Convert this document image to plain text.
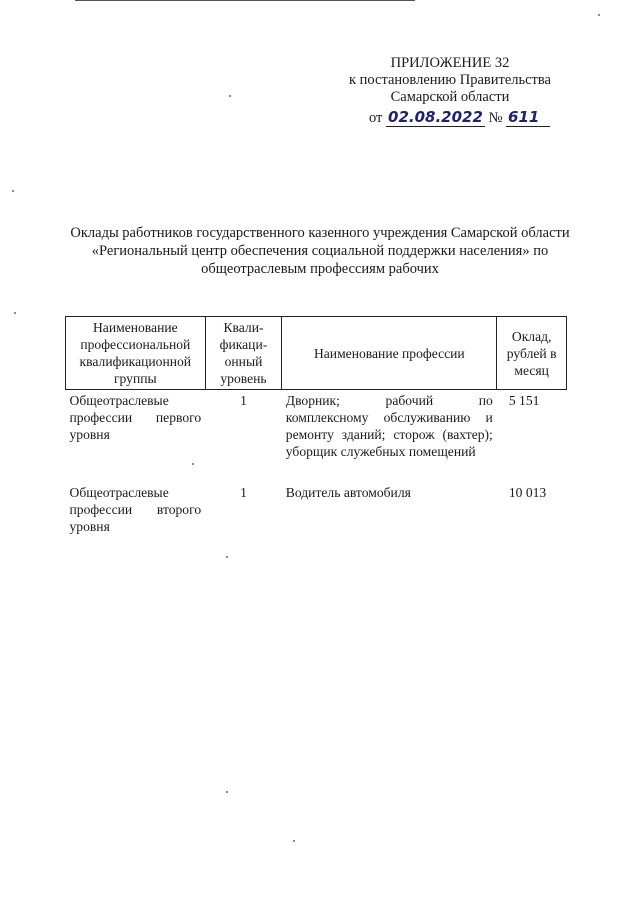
ПРИЛОЖЕНИЕ 32
к постановлению Правительства
Самарской области
от 02.08.2022 № 611
Оклады работников государственного казенного учреждения Самарской области «Региональный центр обеспечения социальной поддержки населения» по общеотраслевым профессиям рабочих
Наименование профессиональной квалификационной группы	Квали-фикаци-онный уровень	Наименование профессии	Оклад, рублей в месяц
Общеотраслевые профессии первого уровня	1	Дворник; рабочий по комплексному обслуживанию и ремонту зданий; сторож (вахтер); уборщик служебных помещений	5 151
Общеотраслевые профессии второго уровня	1	Водитель автомобиля	10 013
